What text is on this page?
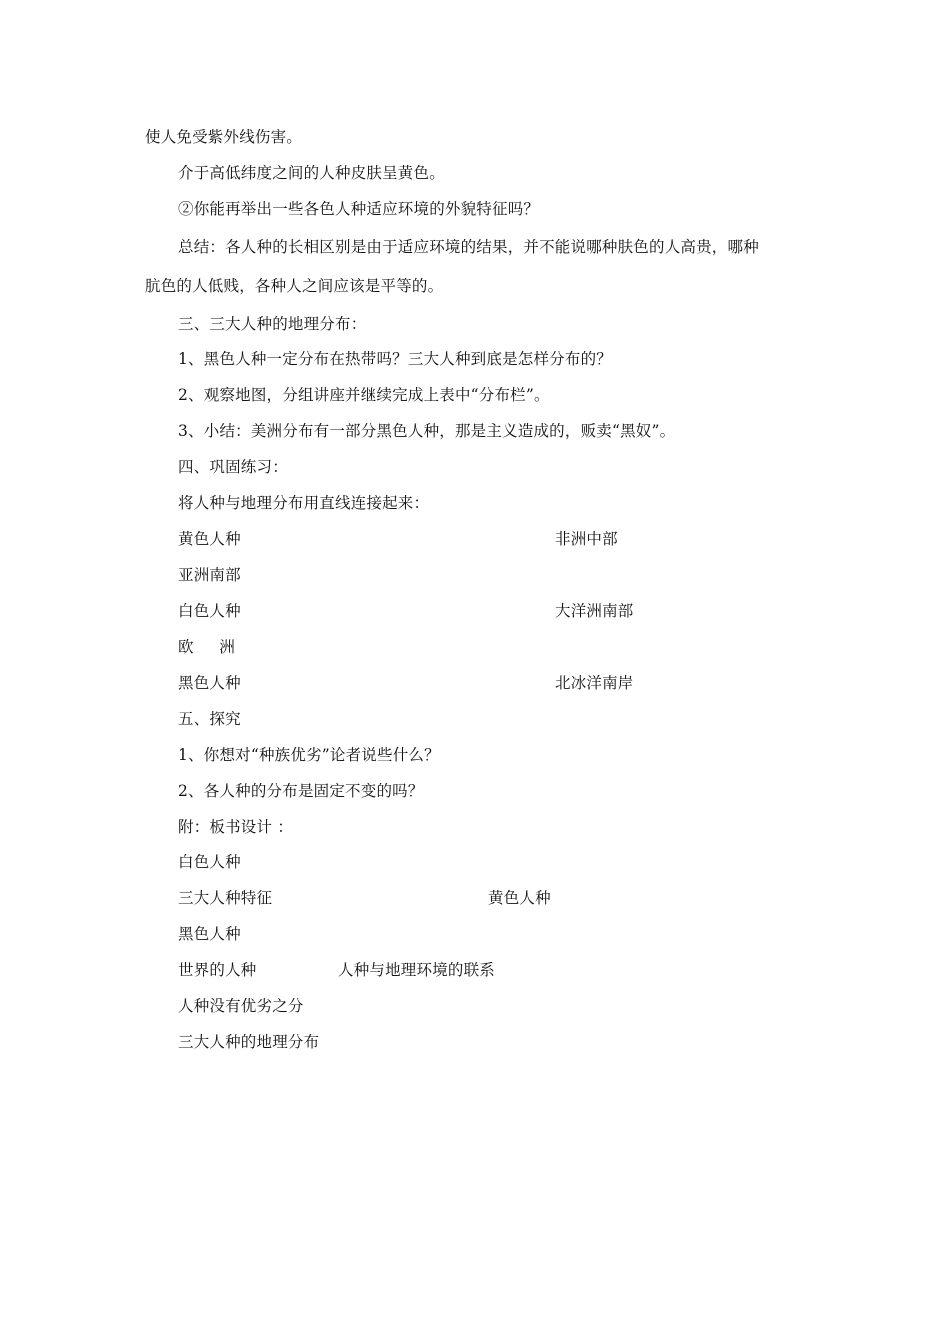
使人免受紫外线伤害。
介于高低纬度之间的人种皮肤呈黄色。
②你能再举出一些各色人种适应环境的外貌特征吗？
总结：各人种的长相区别是由于适应环境的结果，并不能说哪种肤色的人高贵，哪种
肮色的人低贱，各种人之间应该是平等的。
三、三大人种的地理分布：
1、黑色人种一定分布在热带吗？三大人种到底是怎样分布的？
2、观察地图，分组讲座并继续完成上表中“分布栏”。
3、小结：美洲分布有一部分黑色人种，那是主义造成的，贩卖“黑奴”。
四、巩固练习：
将人种与地理分布用直线连接起来：
黄色人种	非洲中部
亚洲南部
白色人种	大洋洲南部
欧　 洲
黑色人种	北冰洋南岸
五、探究
1、你想对“种族优劣”论者说些什么？
2、各人种的分布是固定不变的吗？
附：板书设计 ：
白色人种
三大人种特征	黄色人种
黑色人种
世界的人种	人种与地理环境的联系
人种没有优劣之分
三大人种的地理分布
